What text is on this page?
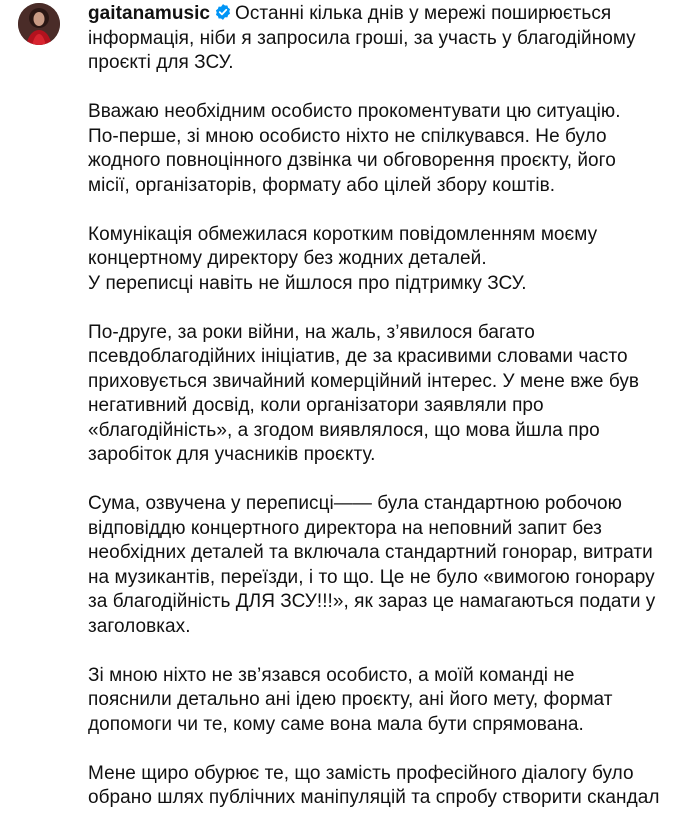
gaitanamusic Останні кілька днів у мережі поширюється
інформація, ніби я запросила гроші, за участь у благодійному
проєкті для ЗСУ.
Вважаю необхідним особисто прокоментувати цю ситуацію.
По-перше, зі мною особисто ніхто не спілкувався. Не було
жодного повноцінного дзвінка чи обговорення проєкту, його
місії, організаторів, формату або цілей збору коштів.
Комунікація обмежилася коротким повідомленням моєму
концертному директору без жодних деталей.
У переписці навіть не йшлося про підтримку ЗСУ.
По-друге, за роки війни, на жаль, з’явилося багато
псевдоблагодійних ініціатив, де за красивими словами часто
приховується звичайний комерційний інтерес. У мене вже був
негативний досвід, коли організатори заявляли про
«благодійність», а згодом виявлялося, що мова йшла про
заробіток для учасників проєкту.
Сума, озвучена у переписці—— була стандартною робочою
відповіддю концертного директора на неповний запит без
необхідних деталей та включала стандартний гонорар, витрати
на музикантів, переїзди, і то що. Це не було «вимогою гонорару
за благодійність ДЛЯ ЗСУ!!!», як зараз це намагаються подати у
заголовках.
Зі мною ніхто не зв’язався особисто, а моїй команді не
пояснили детально ані ідею проєкту, ані його мету, формат
допомоги чи те, кому саме вона мала бути спрямована.
Мене щиро обурює те, що замість професійного діалогу було
обрано шлях публічних маніпуляцій та спробу створити скандал
